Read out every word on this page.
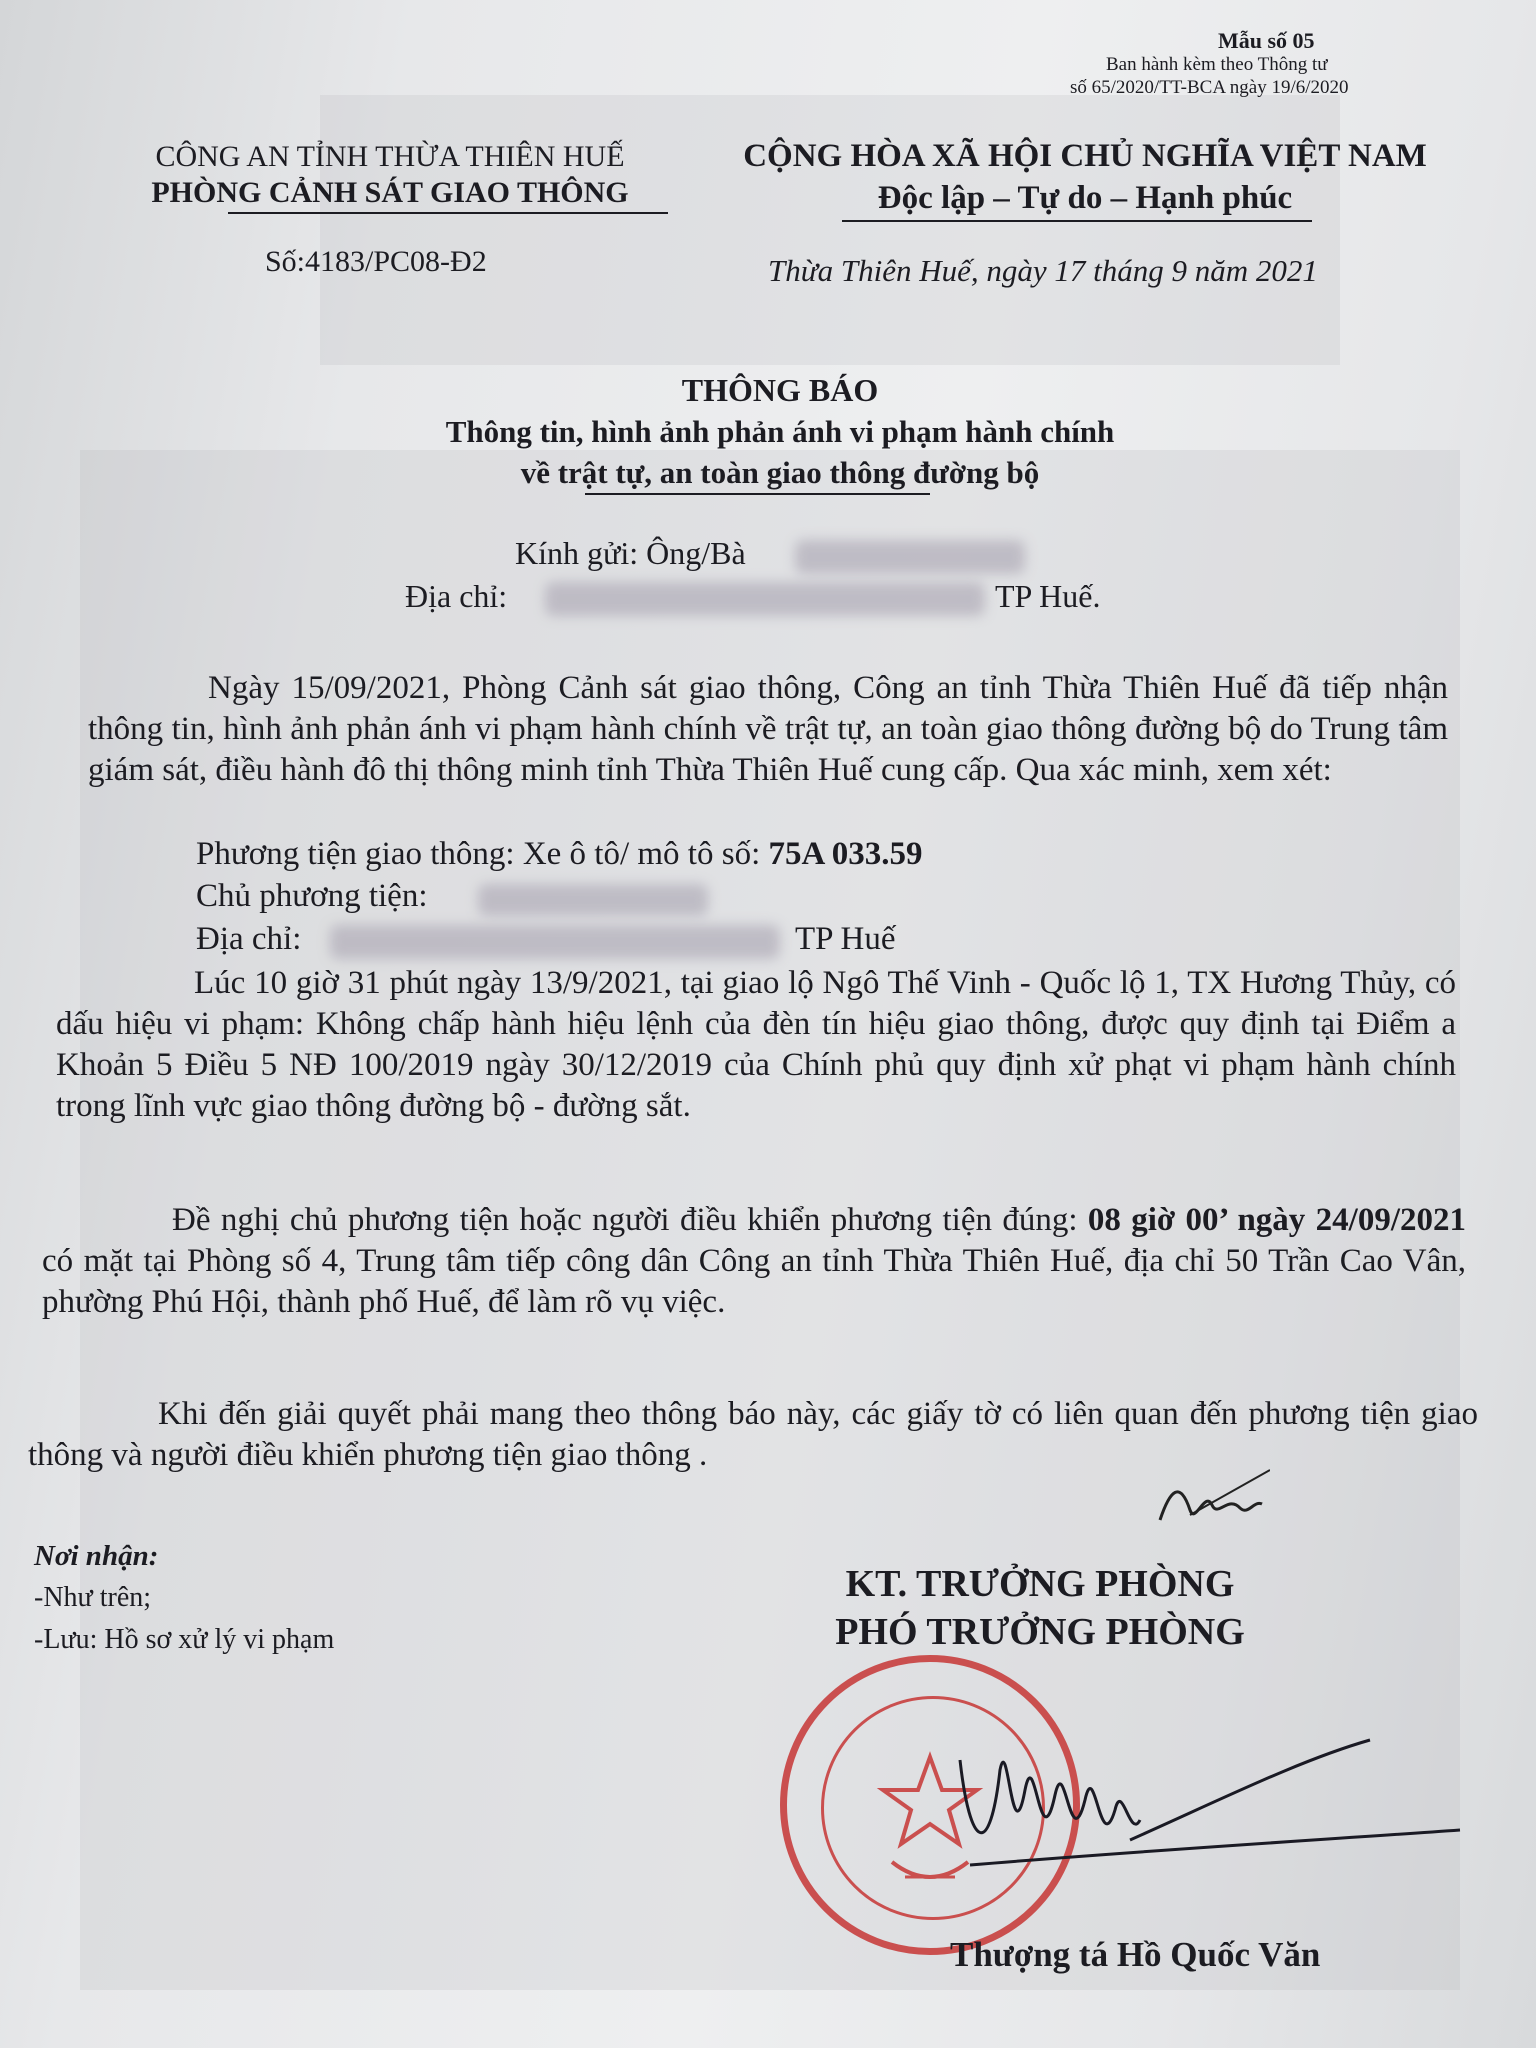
Mẫu số 05
Ban hành kèm theo Thông tư
số 65/2020/TT-BCA ngày 19/6/2020
CÔNG AN TỈNH THỪA THIÊN HUẾ
PHÒNG CẢNH SÁT GIAO THÔNG
Số:4183/PC08-Đ2
CỘNG HÒA XÃ HỘI CHỦ NGHĨA VIỆT NAM
Độc lập – Tự do – Hạnh phúc
Thừa Thiên Huế, ngày 17 tháng 9 năm 2021
THÔNG BÁO
Thông tin, hình ảnh phản ánh vi phạm hành chính
về trật tự, an toàn giao thông đường bộ
Kính gửi: Ông/Bà
Địa chỉ:	TP Huế.
Ngày 15/09/2021, Phòng Cảnh sát giao thông, Công an tỉnh Thừa Thiên Huế đã tiếp nhận thông tin, hình ảnh phản ánh vi phạm hành chính về trật tự, an toàn giao thông đường bộ do Trung tâm giám sát, điều hành đô thị thông minh tỉnh Thừa Thiên Huế cung cấp. Qua xác minh, xem xét:
Phương tiện giao thông: Xe ô tô/ mô tô số: 75A 033.59
Chủ phương tiện:
Địa chỉ:	TP Huế
Lúc 10 giờ 31 phút ngày 13/9/2021, tại giao lộ Ngô Thế Vinh - Quốc lộ 1, TX Hương Thủy, có dấu hiệu vi phạm: Không chấp hành hiệu lệnh của đèn tín hiệu giao thông, được quy định tại Điểm a Khoản 5 Điều 5 NĐ 100/2019 ngày 30/12/2019 của Chính phủ quy định xử phạt vi phạm hành chính trong lĩnh vực giao thông đường bộ - đường sắt.
Đề nghị chủ phương tiện hoặc người điều khiển phương tiện đúng: 08 giờ 00’ ngày 24/09/2021 có mặt tại Phòng số 4, Trung tâm tiếp công dân Công an tỉnh Thừa Thiên Huế, địa chỉ 50 Trần Cao Vân, phường Phú Hội, thành phố Huế, để làm rõ vụ việc.
Khi đến giải quyết phải mang theo thông báo này, các giấy tờ có liên quan đến phương tiện giao thông và người điều khiển phương tiện giao thông .
Nơi nhận:
-Như trên;
-Lưu: Hồ sơ xử lý vi phạm
KT. TRƯỞNG PHÒNG
PHÓ TRƯỞNG PHÒNG
Thượng tá Hồ Quốc Văn
